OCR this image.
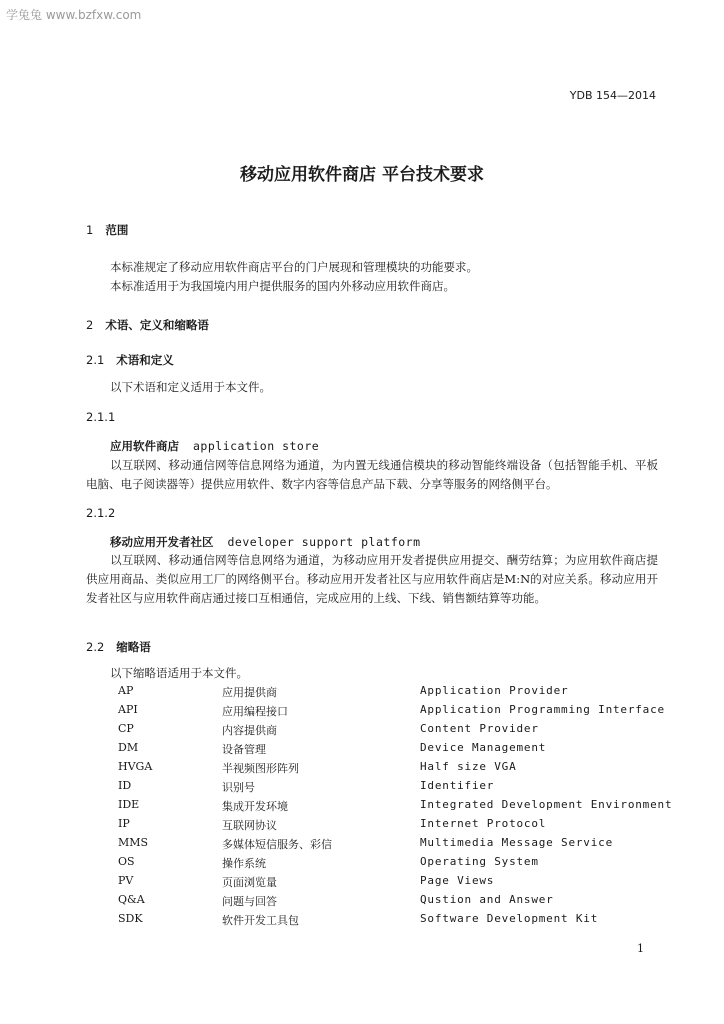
学兔兔 www.bzfxw.com
YDB 154—2014
移动应用软件商店 平台技术要求
1 范围
本标准规定了移动应用软件商店平台的门户展现和管理模块的功能要求。
本标准适用于为我国境内用户提供服务的国内外移动应用软件商店。
2 术语、定义和缩略语
2.1 术语和定义
以下术语和定义适用于本文件。
2.1.1
应用软件商店 application store
以互联网、移动通信网等信息网络为通道，为内置无线通信模块的移动智能终端设备（包括智能手机、平板电脑、电子阅读器等）提供应用软件、数字内容等信息产品下载、分享等服务的网络侧平台。
2.1.2
移动应用开发者社区 developer support platform
以互联网、移动通信网等信息网络为通道，为移动应用开发者提供应用提交、酬劳结算；为应用软件商店提供应用商品、类似应用工厂的网络侧平台。移动应用开发者社区与应用软件商店是M:N的对应关系。移动应用开发者社区与应用软件商店通过接口互相通信，完成应用的上线、下线、销售额结算等功能。
2.2 缩略语
以下缩略语适用于本文件。
AP	应用提供商	Application Provider
API	应用编程接口	Application Programming Interface
CP	内容提供商	Content Provider
DM	设备管理	Device Management
HVGA	半视频图形阵列	Half size VGA
ID	识别号	Identifier
IDE	集成开发环境	Integrated Development Environment
IP	互联网协议	Internet Protocol
MMS	多媒体短信服务、彩信	Multimedia Message Service
OS	操作系统	Operating System
PV	页面浏览量	Page Views
Q&A	问题与回答	Qustion and Answer
SDK	软件开发工具包	Software Development Kit
1
